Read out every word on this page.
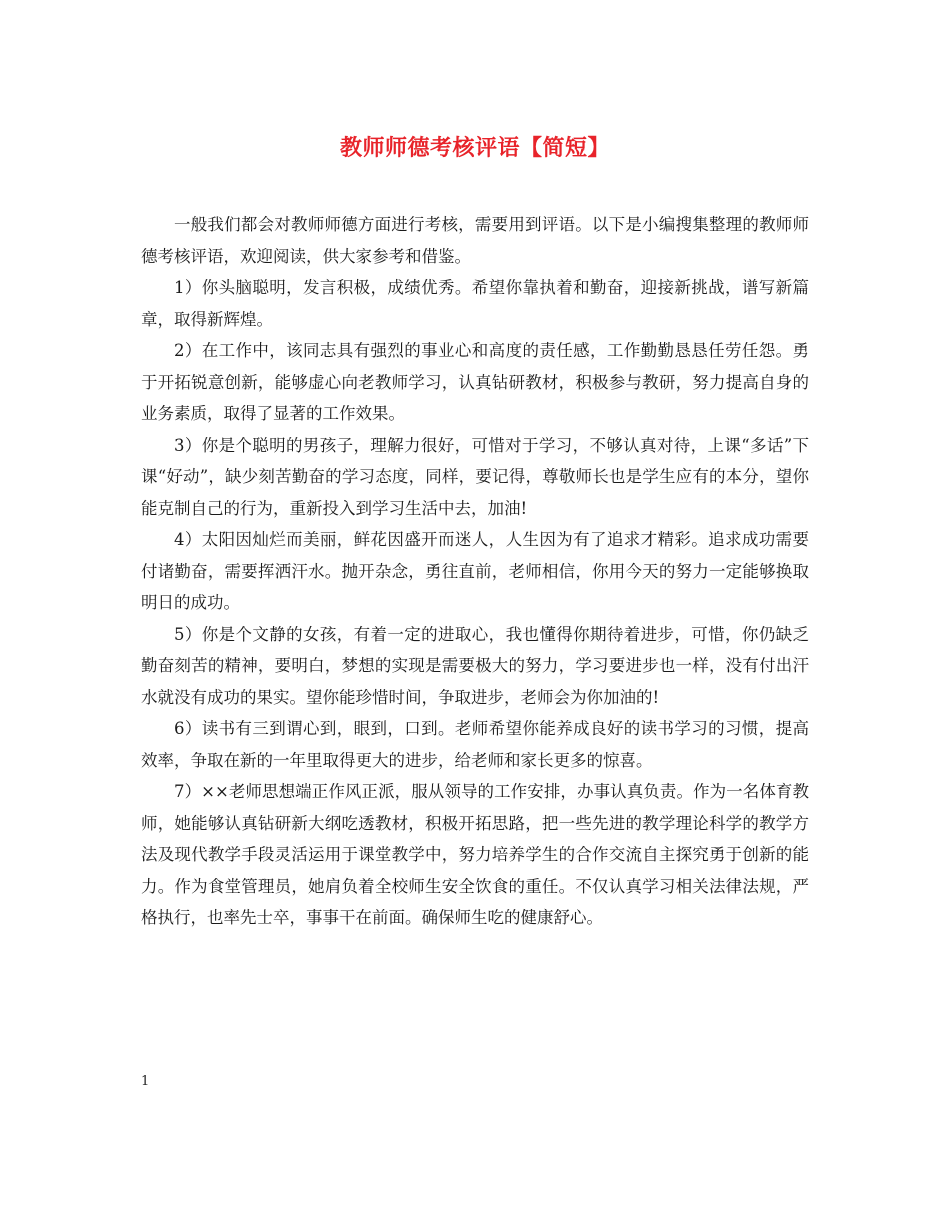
教师师德考核评语【简短】

一般我们都会对教师师德方面进行考核，需要用到评语。以下是小编搜集整理的教师师德考核评语，欢迎阅读，供大家参考和借鉴。

1）你头脑聪明，发言积极，成绩优秀。希望你靠执着和勤奋，迎接新挑战，谱写新篇章，取得新辉煌。

2）在工作中，该同志具有强烈的事业心和高度的责任感，工作勤勤恳恳任劳任怨。勇于开拓锐意创新，能够虚心向老教师学习，认真钻研教材，积极参与教研，努力提高自身的业务素质，取得了显著的工作效果。

3）你是个聪明的男孩子，理解力很好，可惜对于学习，不够认真对待，上课“多话”下课“好动”，缺少刻苦勤奋的学习态度，同样，要记得，尊敬师长也是学生应有的本分，望你能克制自己的行为，重新投入到学习生活中去，加油!

4）太阳因灿烂而美丽，鲜花因盛开而迷人，人生因为有了追求才精彩。追求成功需要付诸勤奋，需要挥洒汗水。抛开杂念，勇往直前，老师相信，你用今天的努力一定能够换取明日的成功。

5）你是个文静的女孩，有着一定的进取心，我也懂得你期待着进步，可惜，你仍缺乏勤奋刻苦的精神，要明白，梦想的实现是需要极大的努力，学习要进步也一样，没有付出汗水就没有成功的果实。望你能珍惜时间，争取进步，老师会为你加油的!

6）读书有三到谓心到，眼到，口到。老师希望你能养成良好的读书学习的习惯，提高效率，争取在新的一年里取得更大的进步，给老师和家长更多的惊喜。

7）××老师思想端正作风正派，服从领导的工作安排，办事认真负责。作为一名体育教师，她能够认真钻研新大纲吃透教材，积极开拓思路，把一些先进的教学理论科学的教学方法及现代教学手段灵活运用于课堂教学中，努力培养学生的合作交流自主探究勇于创新的能力。作为食堂管理员，她肩负着全校师生安全饮食的重任。不仅认真学习相关法律法规，严格执行，也率先士卒，事事干在前面。确保师生吃的健康舒心。

1
